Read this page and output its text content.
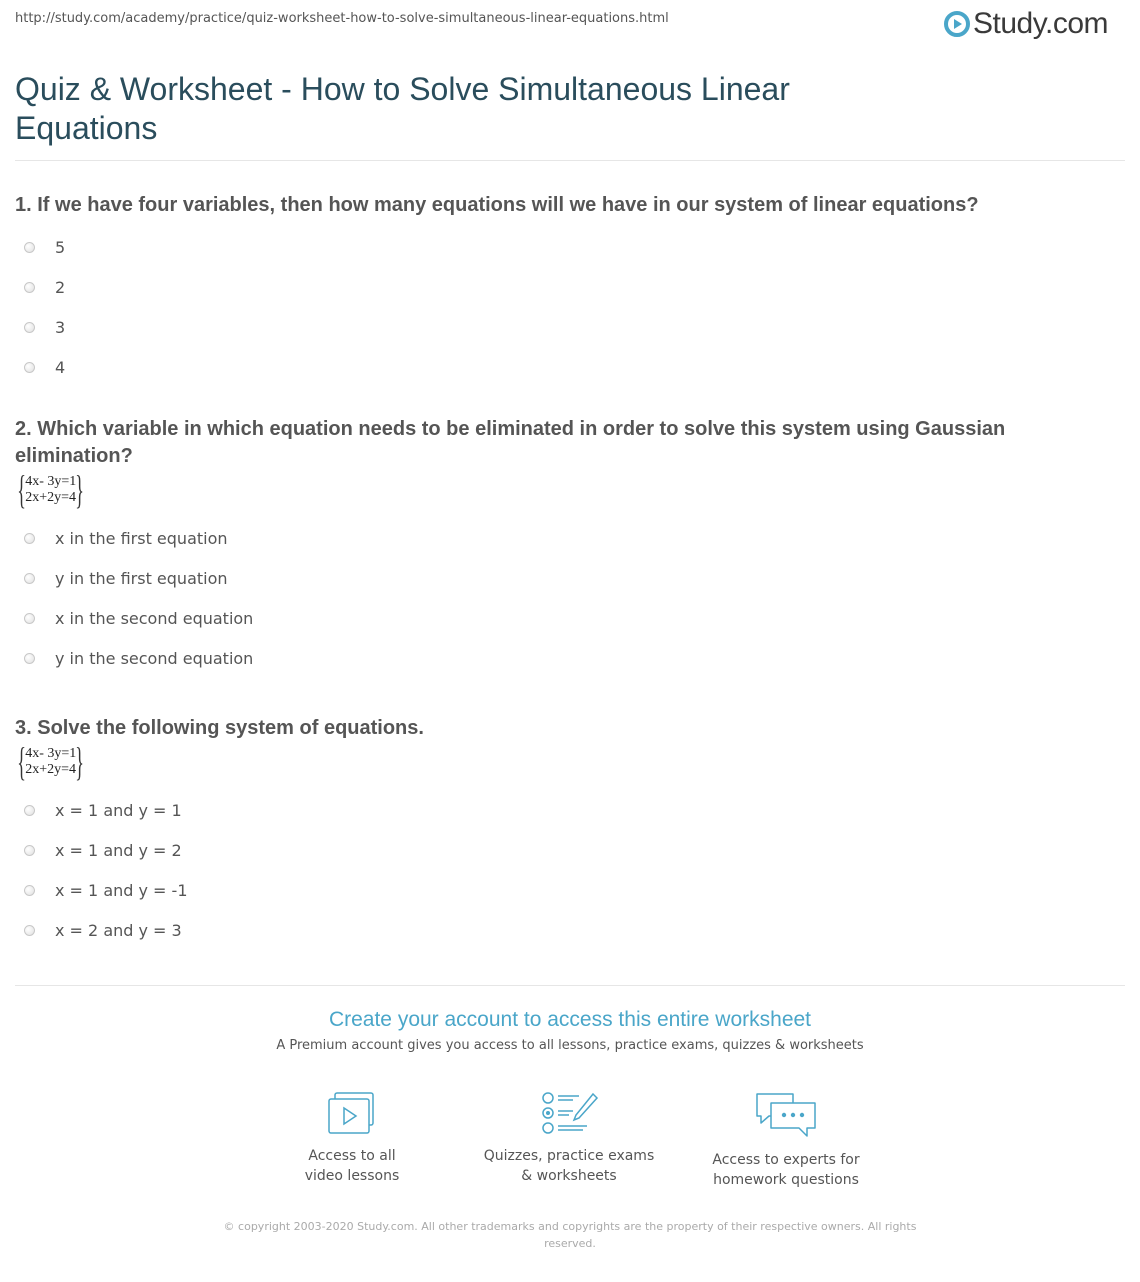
http://study.com/academy/practice/quiz-worksheet-how-to-solve-simultaneous-linear-equations.html	Study.com
Quiz & Worksheet - How to Solve Simultaneous Linear Equations

1. If we have four variables, then how many equations will we have in our system of linear equations?

5
2
3
4

2. Which variable in which equation needs to be eliminated in order to solve this system using Gaussian elimination?

{ 4x- 3y=1
2x+2y=4 }
x in the first equation
y in the first equation
x in the second equation
y in the second equation

3. Solve the following system of equations.

{ 4x- 3y=1
2x+2y=4 }
x = 1 and y = 1
x = 1 and y = 2
x = 1 and y = -1
x = 2 and y = 3

Create your account to access this entire worksheet

A Premium account gives you access to all lessons, practice exams, quizzes & worksheets
Access to all
video lessons
Quizzes, practice exams
& worksheets
Access to experts for
homework questions
© copyright 2003-2020 Study.com. All other trademarks and copyrights are the property of their respective owners. All rights reserved.
